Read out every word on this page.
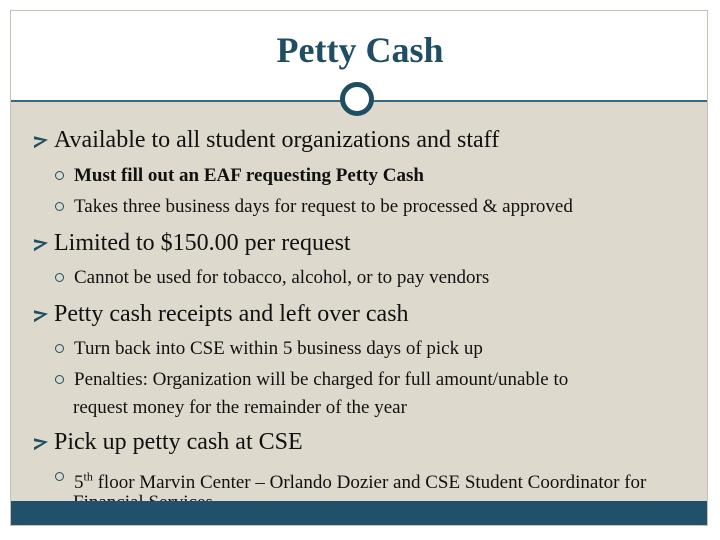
Petty Cash
Available to all student organizations and staff
Must fill out an EAF requesting Petty Cash
Takes three business days for request to be processed & approved
Limited to $150.00 per request
Cannot be used for tobacco, alcohol, or to pay vendors
Petty cash receipts and left over cash
Turn back into CSE within 5 business days of pick up
Penalties: Organization will be charged for full amount/unable to
request money for the remainder of the year
Pick up petty cash at CSE
5th floor Marvin Center – Orlando Dozier and CSE Student Coordinator for
